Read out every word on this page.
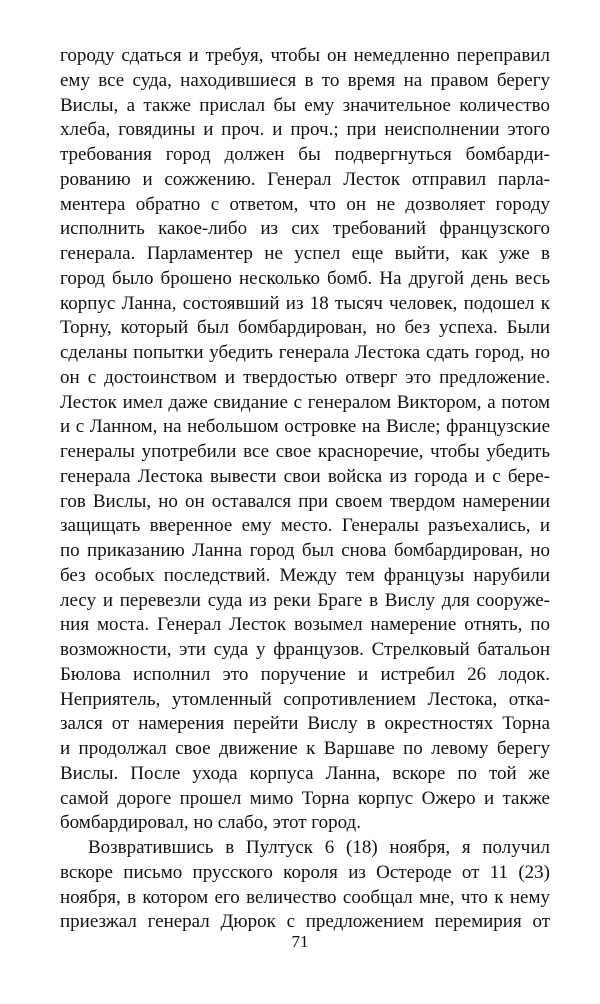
городу сдаться и требуя, чтобы он немедленно переправил
ему все суда, находившиеся в то время на правом берегу
Вислы, а также прислал бы ему значительное количество
хлеба, говядины и проч. и проч.; при неисполнении этого
требования город должен бы подвергнуться бомбарди-
рованию и сожжению. Генерал Лесток отправил парла-
ментера обратно с ответом, что он не дозволяет городу
исполнить какое-либо из сих требований французского
генерала. Парламентер не успел еще выйти, как уже в
город было брошено несколько бомб. На другой день весь
корпус Ланна, состоявший из 18 тысяч человек, подошел к
Торну, который был бомбардирован, но без успеха. Были
сделаны попытки убедить генерала Лестока сдать город, но
он с достоинством и твердостью отверг это предложение.
Лесток имел даже свидание с генералом Виктором, а потом
и с Ланном, на небольшом островке на Висле; французские
генералы употребили все свое красноречие, чтобы убедить
генерала Лестока вывести свои войска из города и с бере-
гов Вислы, но он оставался при своем твердом намерении
защищать вверенное ему место. Генералы разъехались, и
по приказанию Ланна город был снова бомбардирован, но
без особых последствий. Между тем французы нарубили
лесу и перевезли суда из реки Браге в Вислу для сооруже-
ния моста. Генерал Лесток возымел намерение отнять, по
возможности, эти суда у французов. Стрелковый батальон
Бюлова исполнил это поручение и истребил 26 лодок.
Неприятель, утомленный сопротивлением Лестока, отка-
зался от намерения перейти Вислу в окрестностях Торна
и продолжал свое движение к Варшаве по левому берегу
Вислы. После ухода корпуса Ланна, вскоре по той же
самой дороге прошел мимо Торна корпус Ожеро и также
бомбардировал, но слабо, этот город.
Возвратившись в Пултуск 6 (18) ноября, я получил
вскоре письмо прусского короля из Остероде от 11 (23)
ноября, в котором его величество сообщал мне, что к нему
приезжал генерал Дюрок с предложением перемирия от
71
